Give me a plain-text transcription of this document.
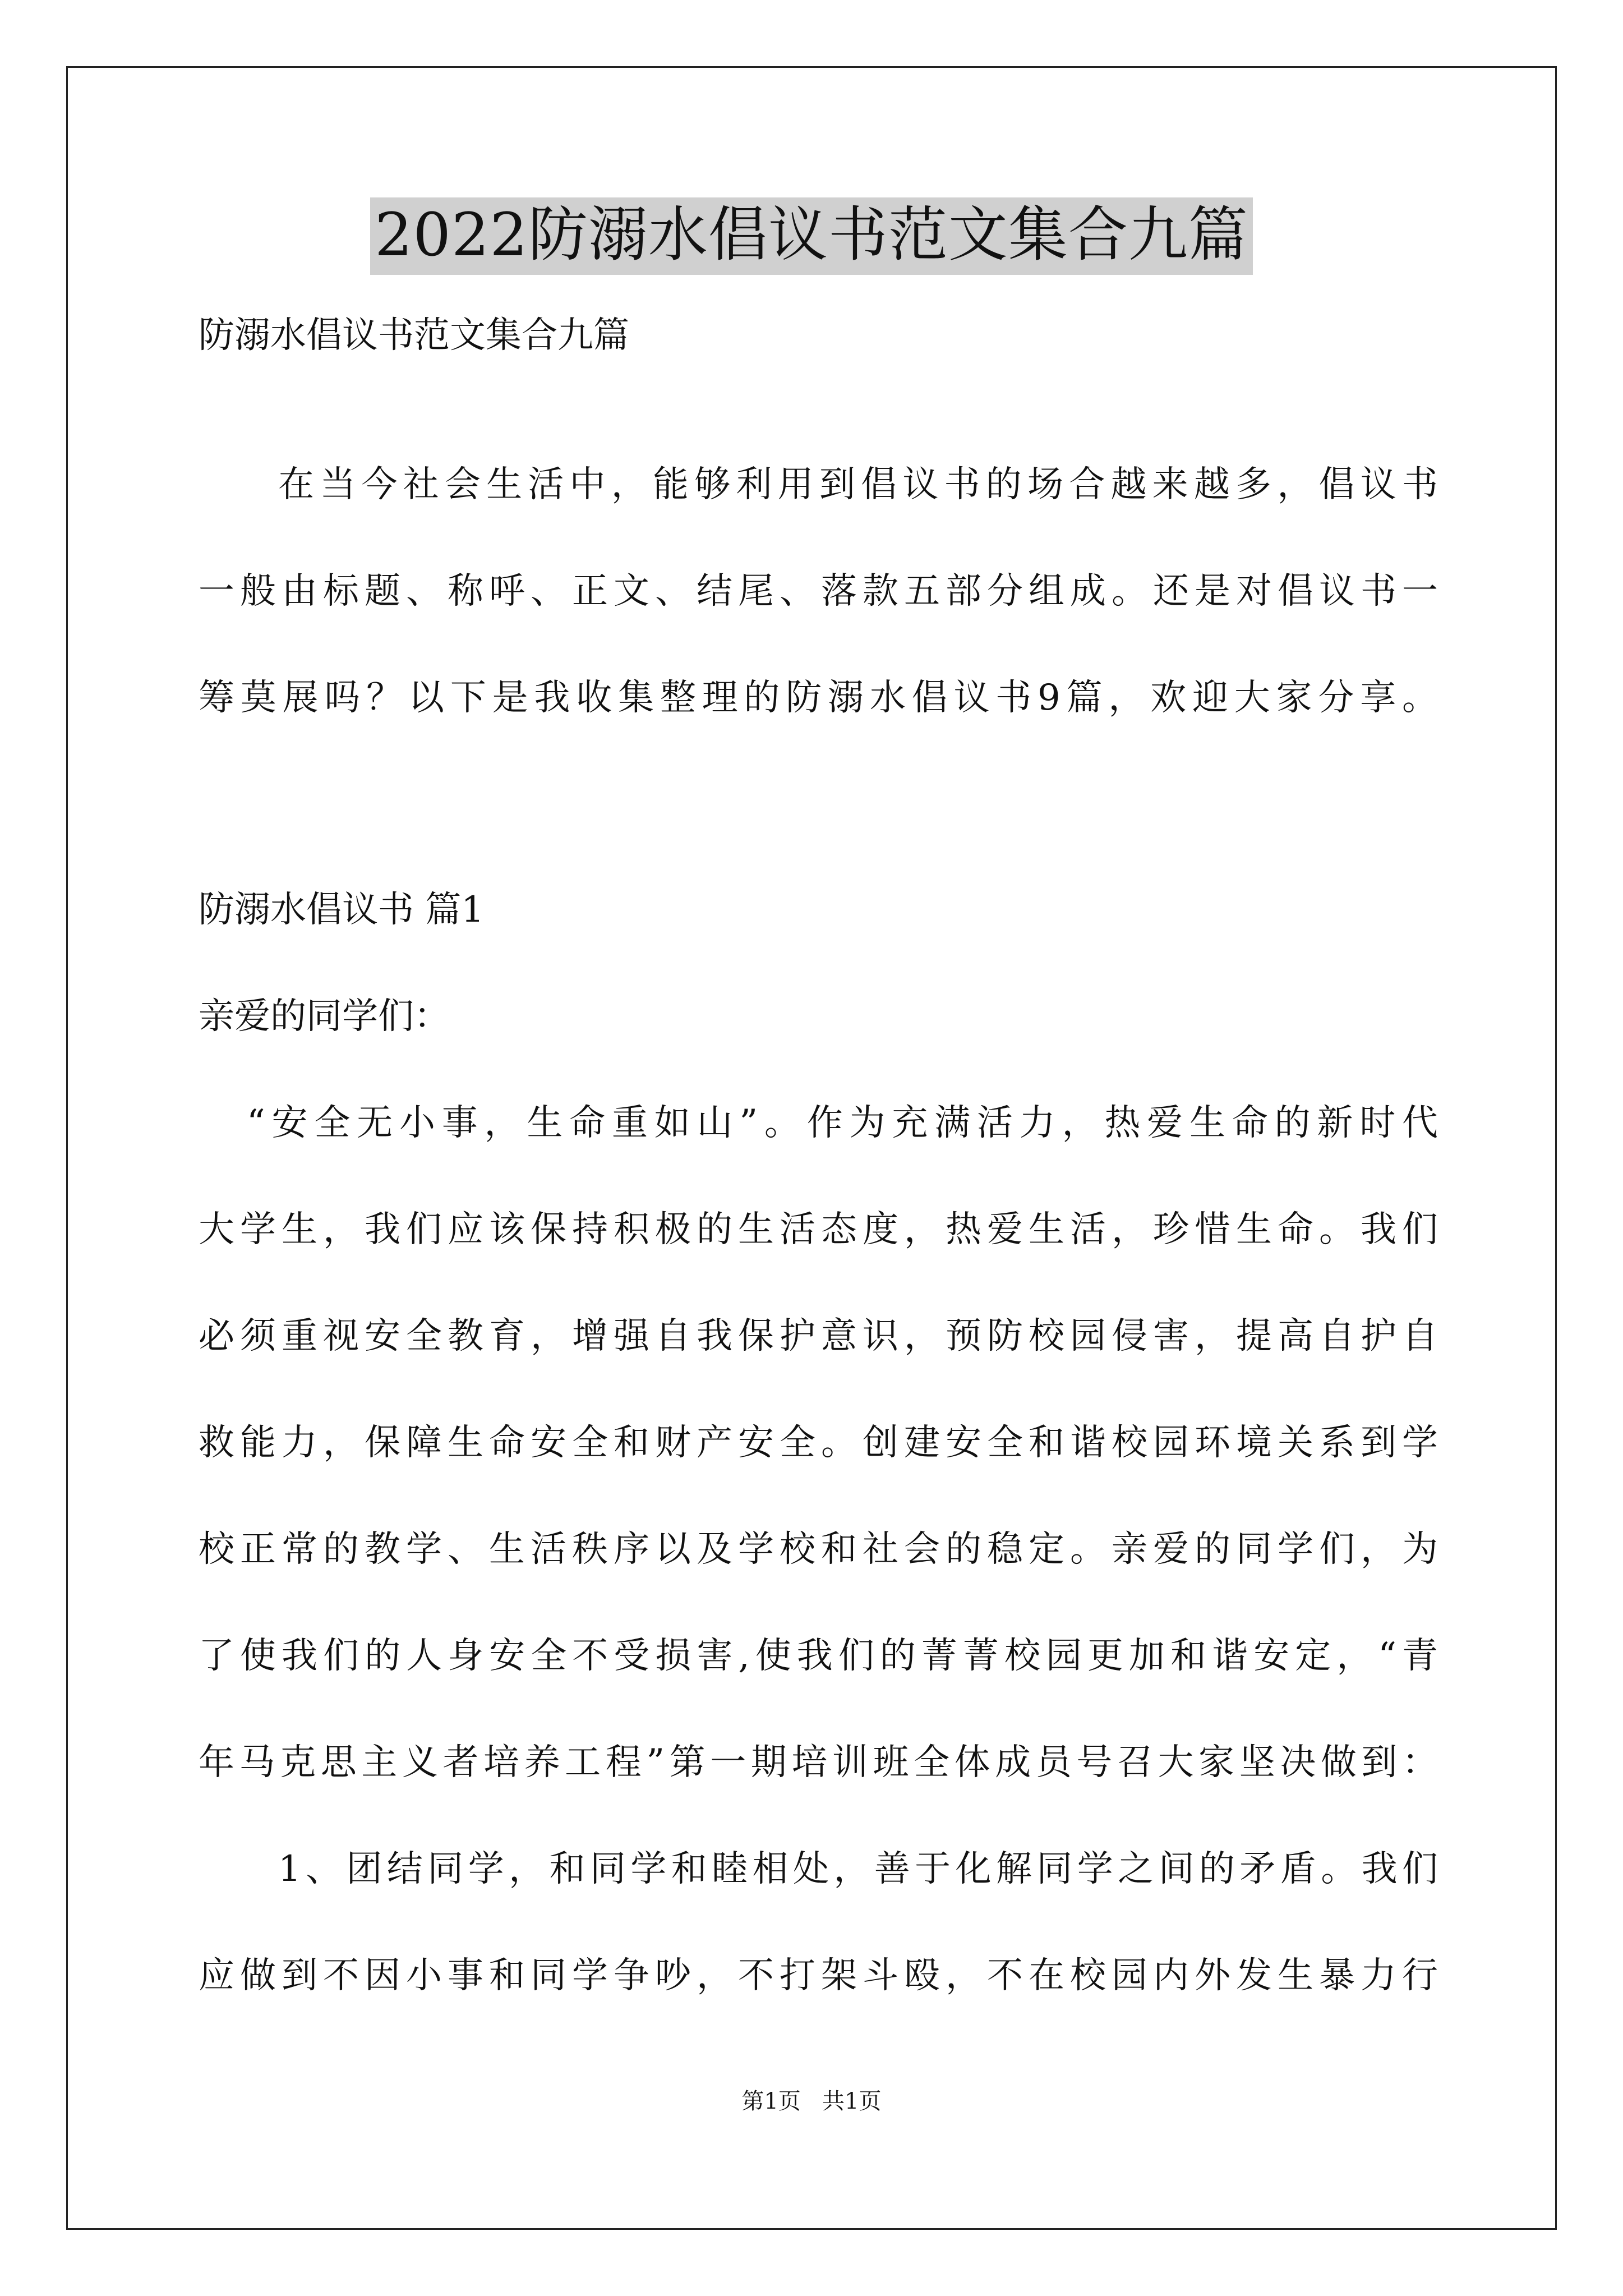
2022防溺水倡议书范文集合九篇
防溺水倡议书范文集合九篇
在当今社会生活中，能够利用到倡议书的场合越来越多，倡议书
一般由标题、称呼、正文、结尾、落款五部分组成。还是对倡议书一
筹莫展吗？以下是我收集整理的防溺水倡议书9篇，欢迎大家分享。
防溺水倡议书 篇1
亲爱的同学们：
“安全无小事，生命重如山”。作为充满活力，热爱生命的新时代
大学生，我们应该保持积极的生活态度，热爱生活，珍惜生命。我们
必须重视安全教育，增强自我保护意识，预防校园侵害，提高自护自
救能力，保障生命安全和财产安全。创建安全和谐校园环境关系到学
校正常的教学、生活秩序以及学校和社会的稳定。亲爱的同学们，为
了使我们的人身安全不受损害,使我们的菁菁校园更加和谐安定，“青
年马克思主义者培养工程”第一期培训班全体成员号召大家坚决做到：
1、团结同学，和同学和睦相处，善于化解同学之间的矛盾。我们
应做到不因小事和同学争吵，不打架斗殴，不在校园内外发生暴力行
第1页   共1页
